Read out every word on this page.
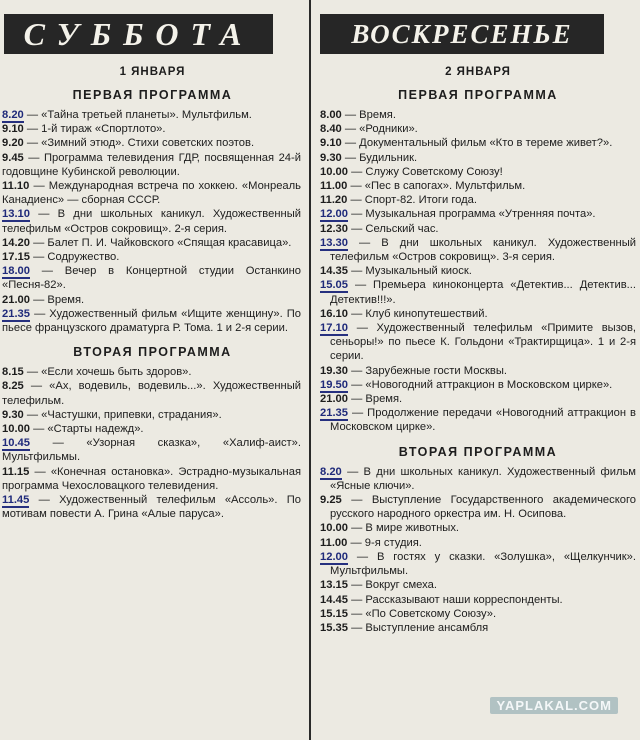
СУББОТА
1 ЯНВАРЯ
ПЕРВАЯ ПРОГРАММА
8.20 — «Тайна третьей планеты». Мультфильм.
9.10 — 1-й тираж «Спортлото».
9.20 — «Зимний этюд». Стихи советских поэтов.
9.45 — Программа телевидения ГДР, посвященная 24-й годовщине Кубинской революции.
11.10 — Международная встреча по хоккею. «Монреаль Канадиенс» — сборная СССР.
13.10 — В дни школьных каникул. Художественный телефильм «Остров сокровищ». 2-я серия.
14.20 — Балет П. И. Чайковского «Спящая красавица».
17.15 — Содружество.
18.00 — Вечер в Концертной студии Останкино «Песня-82».
21.00 — Время.
21.35 — Художественный фильм «Ищите женщину». По пьесе французского драматурга Р. Тома. 1 и 2-я серии.
ВТОРАЯ ПРОГРАММА
8.15 — «Если хочешь быть здоров».
8.25 — «Ах, водевиль, водевиль...». Художественный телефильм.
9.30 — «Частушки, припевки, страдания».
10.00 — «Старты надежд».
10.45 — «Узорная сказка», «Халиф-аист». Мультфильмы.
11.15 — «Конечная остановка». Эстрадно-музыкальная программа Чехословацкого телевидения.
11.45 — Художественный телефильм «Ассоль». По мотивам повести А. Грина «Алые паруса».
ВОСКРЕСЕНЬЕ
2 ЯНВАРЯ
ПЕРВАЯ ПРОГРАММА
8.00 — Время.
8.40 — «Родники».
9.10 — Документальный фильм «Кто в тереме живет?».
9.30 — Будильник.
10.00 — Служу Советскому Союзу!
11.00 — «Пес в сапогах». Мультфильм.
11.20 — Спорт-82. Итоги года.
12.00 — Музыкальная программа «Утренняя почта».
12.30 — Сельский час.
13.30 — В дни школьных каникул. Художественный телефильм «Остров сокровищ». 3-я серия.
14.35 — Музыкальный киоск.
15.05 — Премьера киноконцерта «Детектив... Детектив... Детектив!!!».
16.10 — Клуб кинопутешествий.
17.10 — Художественный телефильм «Примите вызов, сеньоры!» по пьесе К. Гольдони «Трактирщица». 1 и 2-я серии.
19.30 — Зарубежные гости Москвы.
19.50 — «Новогодний аттракцион в Московском цирке».
21.00 — Время.
21.35 — Продолжение передачи «Новогодний аттракцион в Московском цирке».
ВТОРАЯ ПРОГРАММА
8.20 — В дни школьных каникул. Художественный фильм «Ясные ключи».
9.25 — Выступление Государственного академического русского народного оркестра им. Н. Осипова.
10.00 — В мире животных.
11.00 — 9-я студия.
12.00 — В гостях у сказки. «Золушка», «Щелкунчик». Мультфильмы.
13.15 — Вокруг смеха.
14.45 — Рассказывают наши корреспонденты.
15.15 — «По Советскому Союзу».
15.35 — Выступление ансамбля
YAPLAKAL.COM
